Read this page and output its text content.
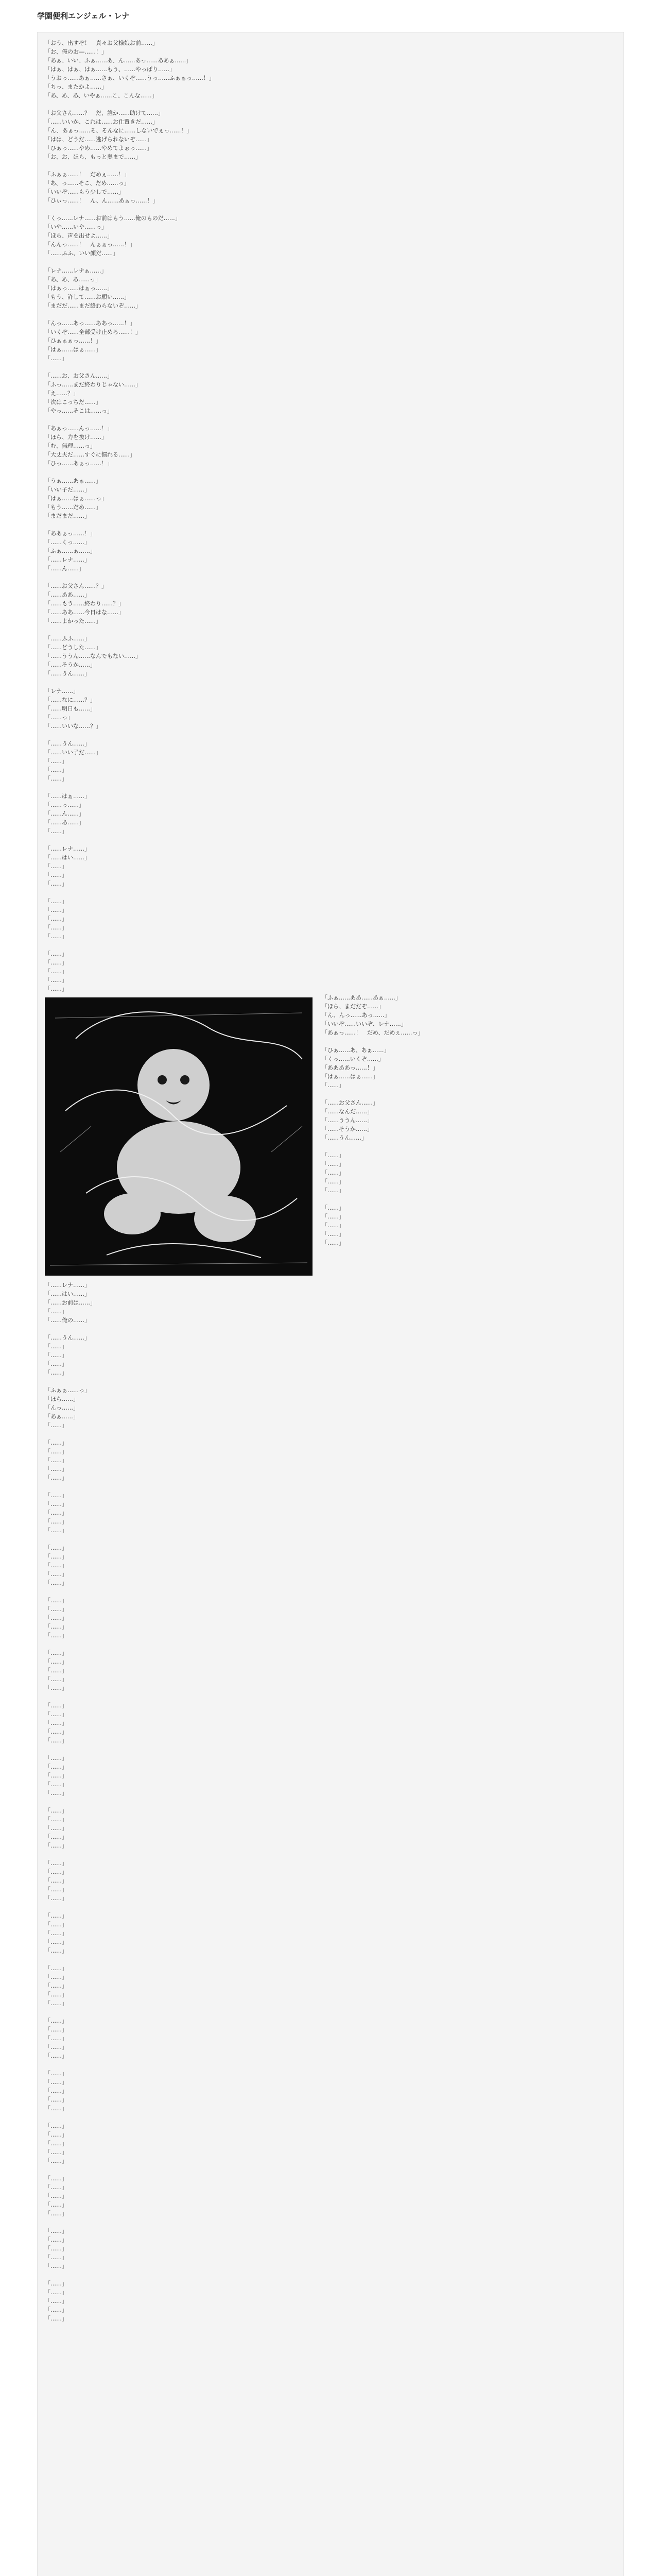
学園便利エンジェル・レナ
「おう、出すぞ！　真々お父様娘お前……」
「お、俺のお―……！」
「あぁ、いい、ふぁ……あ、ん……あっ……ああぁ……」
「はぁ、はぁ、はぁ……もう、……やっぱり……」
「うおっ……あぁ……さぁ、いくぞ……うっ……ふぁぁっ……！」
「ちっ、またかよ……」
「あ、あ、あ、いやぁ……こ、こんな……」
「お父さん……？　だ、誰か……助けて……」
「……いいか、これは……お仕置きだ……」
「ん、あぁっ……そ、そんなに……しないでぇっ……！」
「はは、どうだ……逃げられないぞ……」
「ひぁっ……やめ……やめてよぉっ……」
「お、お、ほら、もっと奥まで……」
「ふぁぁ……！　だめぇ……！」
「あ、っ……そこ、だめ……っ」
「いいぞ……もう少しで……」
「ひぃっ……！　ん、ん……あぁっ……！」
「くっ……レナ……お前はもう……俺のものだ……」
「いや……いや……っ」
「ほら、声を出せよ……」
「んんっ……！　んぁぁっ……！」
「……ふふ、いい顔だ……」
「レナ……レナぁ……」
「あ、あ、あ……っ」
「はぁっ……はぁっ……」
「もう、許して……お願い……」
「まだだ……まだ終わらないぞ……」
「んっ……あっ……ああっ……！」
「いくぞ……全部受け止めろ……！」
「ひぁぁぁっ……！」
「はぁ……はぁ……」
「……」
「……お、お父さん……」
「ふっ……まだ終わりじゃない……」
「え……？」
「次はこっちだ……」
「やっ……そこは……っ」
「あぁっ……んっ……！」
「ほら、力を抜け……」
「む、無理……っ」
「大丈夫だ……すぐに慣れる……」
「ひっ……あぁっ……！」
「うぁ……あぁ……」
「いい子だ……」
「はぁ……はぁ……っ」
「もう……だめ……」
「まだまだ……」
「ああぁっ……！」
「……くっ……」
「ふぁ……ぁ……」
「……レナ……」
「……ん……」
「……お父さん……？」
「……ああ……」
「……もう……終わり……？」
「……ああ……今日はな……」
「……よかった……」
「……ふふ……」
「……どうした……」
「……ううん……なんでもない……」
「……そうか……」
「……うん……」
「レナ……」
「……なに……？」
「……明日も……」
「……っ」
「……いいな……？」
「……うん……」
「……いい子だ……」
「……」
「……」
「……」
「……はぁ……」
「……っ……」
「……ん……」
「……あ……」
「……」
「……レナ……」
「……はい……」
「……」
「……」
「……」
「……」
「……」
「……」
「……」
「……」
「……」
「……」
「……」
「……」
「……」
「ふぁ……ああ……あぁ……」
「ほら、まだだぞ……」
「ん、んっ……あっ……」
「いいぞ……いいぞ、レナ……」
「あぁっ……！　だめ、だめぇ……っ」
「ひぁ……あ、あぁ……」
「くっ……いくぞ……」
「ああああっ……！」
「はぁ……はぁ……」
「……」
「……お父さん……」
「……なんだ……」
「……ううん……」
「……そうか……」
「……うん……」
「……」
「……」
「……」
「……」
「……」
「……」
「……」
「……」
「……」
「……」
「……レナ……」
「……はい……」
「……お前は……」
「……」
「……俺の……」
「……うん……」
「……」
「……」
「……」
「……」
「ふぁぁ……っ」
「ほら……」
「んっ……」
「あぁ……」
「……」
「……」
「……」
「……」
「……」
「……」
「……」
「……」
「……」
「……」
「……」
「……」
「……」
「……」
「……」
「……」
「……」
「……」
「……」
「……」
「……」
「……」
「……」
「……」
「……」
「……」
「……」
「……」
「……」
「……」
「……」
「……」
「……」
「……」
「……」
「……」
「……」
「……」
「……」
「……」
「……」
「……」
「……」
「……」
「……」
「……」
「……」
「……」
「……」
「……」
「……」
「……」
「……」
「……」
「……」
「……」
「……」
「……」
「……」
「……」
「……」
「……」
「……」
「……」
「……」
「……」
「……」
「……」
「……」
「……」
「……」
「……」
「……」
「……」
「……」
「……」
「……」
「……」
「……」
「……」
「……」
「……」
「……」
「……」
「……」
「……」
